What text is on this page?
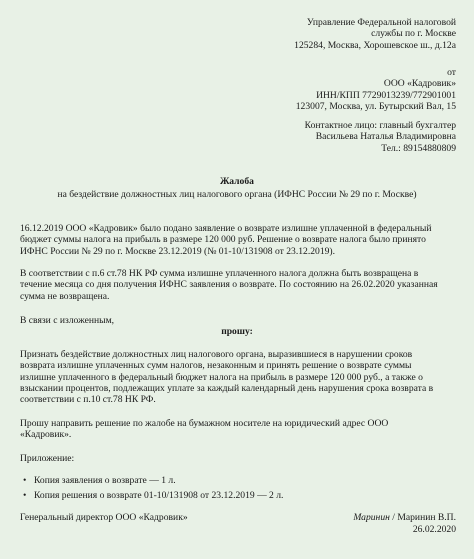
Управление Федеральной налоговой
службы по г. Москве
125284, Москва, Хорошевское ш., д.12а
от
ООО «Кадровик»
ИНН/КПП 7729013239/772901001
123007, Москва, ул. Бутырский Вал, 15
Контактное лицо: главный бухгалтер
Васильева Наталья Владимировна
Тел.: 89154880809
Жалоба
на бездействие должностных лиц налогового органа (ИФНС России № 29 по г. Москве)
16.12.2019 ООО «Кадровик» было подано заявление о возврате излишне уплаченной в федеральный
бюджет суммы налога на прибыль в размере 120 000 руб. Решение о возврате налога было принято
ИФНС России № 29 по г. Москве 23.12.2019 (№ 01-10/131908 от 23.12.2019).
В соответствии с п.6 ст.78 НК РФ сумма излишне уплаченного налога должна быть возвращена в
течение месяца со дня получения ИФНС заявления о возврате. По состоянию на 26.02.2020 указанная
сумма не возвращена.
В связи с изложенным,
прошу:
Признать бездействие должностных лиц налогового органа, выразившиеся в нарушении сроков
возврата излишне уплаченных сумм налогов, незаконным и принять решение о возврате суммы
излишне уплаченного в федеральный бюджет налога на прибыль в размере 120 000 руб., а также о
взыскании процентов, подлежащих уплате за каждый календарный день нарушения срока возврата в
соответствии с п.10 ст.78 НК РФ.
Прошу направить решение по жалобе на бумажном носителе на юридический адрес ООО
«Кадровик».
Приложение:
• Копия заявления о возврате — 1 л.
• Копия решения о возврате 01-10/131908 от 23.12.2019 — 2 л.
Генеральный директор ООО «Кадровик»	Маринин / Маринин В.П.
26.02.2020
